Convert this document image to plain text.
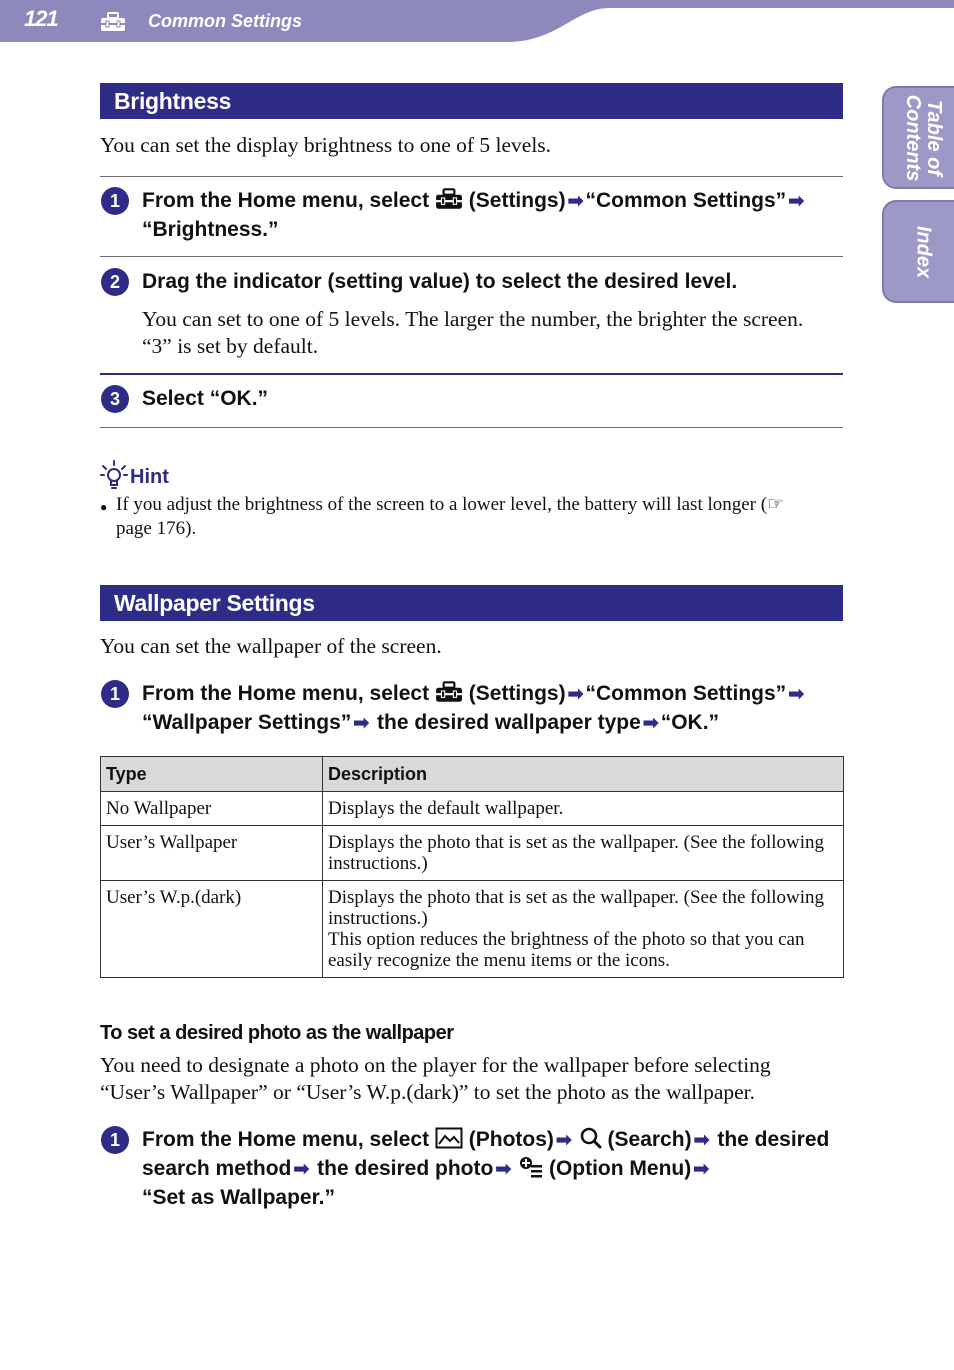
121	Common Settings
Table of Contents
Index
Brightness
You can set the display brightness to one of 5 levels.
1	From the Home menu, select (Settings) ➡“Common Settings” ➡
“Brightness.”
2	Drag the indicator (setting value) to select the desired level.
You can set to one of 5 levels. The larger the number, the brighter the screen. “3” is set by default.
3	Select “OK.”
Hint
● If you adjust the brightness of the screen to a lower level, the battery will last longer (☞
page 176).
Wallpaper Settings
You can set the wallpaper of the screen.
1	From the Home menu, select (Settings) ➡“Common Settings” ➡
“Wallpaper Settings” ➡ the desired wallpaper type ➡“OK.”
Type	Description
No Wallpaper	Displays the default wallpaper.
User’s Wallpaper	Displays the photo that is set as the wallpaper. (See the following instructions.)
User’s W.p.(dark)	Displays the photo that is set as the wallpaper. (See the following instructions.)
This option reduces the brightness of the photo so that you can easily recognize the menu items or the icons.
To set a desired photo as the wallpaper
You need to designate a photo on the player for the wallpaper before selecting “User’s Wallpaper” or “User’s W.p.(dark)” to set the photo as the wallpaper.
1	From the Home menu, select (Photos) ➡ (Search) ➡ the desired search method ➡ the desired photo ➡ (Option Menu) ➡
“Set as Wallpaper.”
